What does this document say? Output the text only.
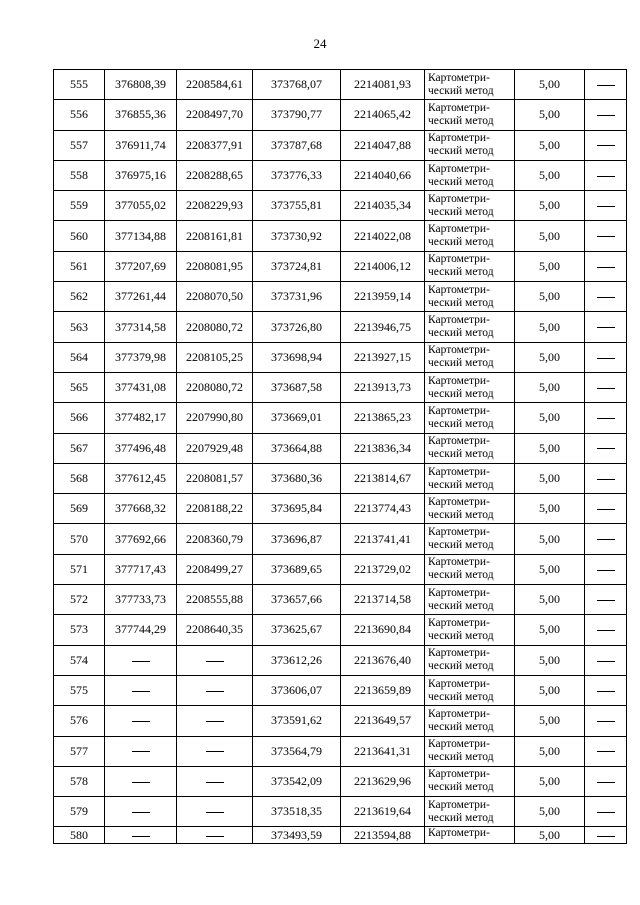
24
555	376808,39	2208584,61	373768,07	2214081,93	Картометри-
ческий метод	5,00	
556	376855,36	2208497,70	373790,77	2214065,42	Картометри-
ческий метод	5,00	
557	376911,74	2208377,91	373787,68	2214047,88	Картометри-
ческий метод	5,00	
558	376975,16	2208288,65	373776,33	2214040,66	Картометри-
ческий метод	5,00	
559	377055,02	2208229,93	373755,81	2214035,34	Картометри-
ческий метод	5,00	
560	377134,88	2208161,81	373730,92	2214022,08	Картометри-
ческий метод	5,00	
561	377207,69	2208081,95	373724,81	2214006,12	Картометри-
ческий метод	5,00	
562	377261,44	2208070,50	373731,96	2213959,14	Картометри-
ческий метод	5,00	
563	377314,58	2208080,72	373726,80	2213946,75	Картометри-
ческий метод	5,00	
564	377379,98	2208105,25	373698,94	2213927,15	Картометри-
ческий метод	5,00	
565	377431,08	2208080,72	373687,58	2213913,73	Картометри-
ческий метод	5,00	
566	377482,17	2207990,80	373669,01	2213865,23	Картометри-
ческий метод	5,00	
567	377496,48	2207929,48	373664,88	2213836,34	Картометри-
ческий метод	5,00	
568	377612,45	2208081,57	373680,36	2213814,67	Картометри-
ческий метод	5,00	
569	377668,32	2208188,22	373695,84	2213774,43	Картометри-
ческий метод	5,00	
570	377692,66	2208360,79	373696,87	2213741,41	Картометри-
ческий метод	5,00	
571	377717,43	2208499,27	373689,65	2213729,02	Картометри-
ческий метод	5,00	
572	377733,73	2208555,88	373657,66	2213714,58	Картометри-
ческий метод	5,00	
573	377744,29	2208640,35	373625,67	2213690,84	Картометри-
ческий метод	5,00	
574			373612,26	2213676,40	Картометри-
ческий метод	5,00	
575			373606,07	2213659,89	Картометри-
ческий метод	5,00	
576			373591,62	2213649,57	Картометри-
ческий метод	5,00	
577			373564,79	2213641,31	Картометри-
ческий метод	5,00	
578			373542,09	2213629,96	Картометри-
ческий метод	5,00	
579			373518,35	2213619,64	Картометри-
ческий метод	5,00	
580			373493,59	2213594,88	Картометри-	5,00	
